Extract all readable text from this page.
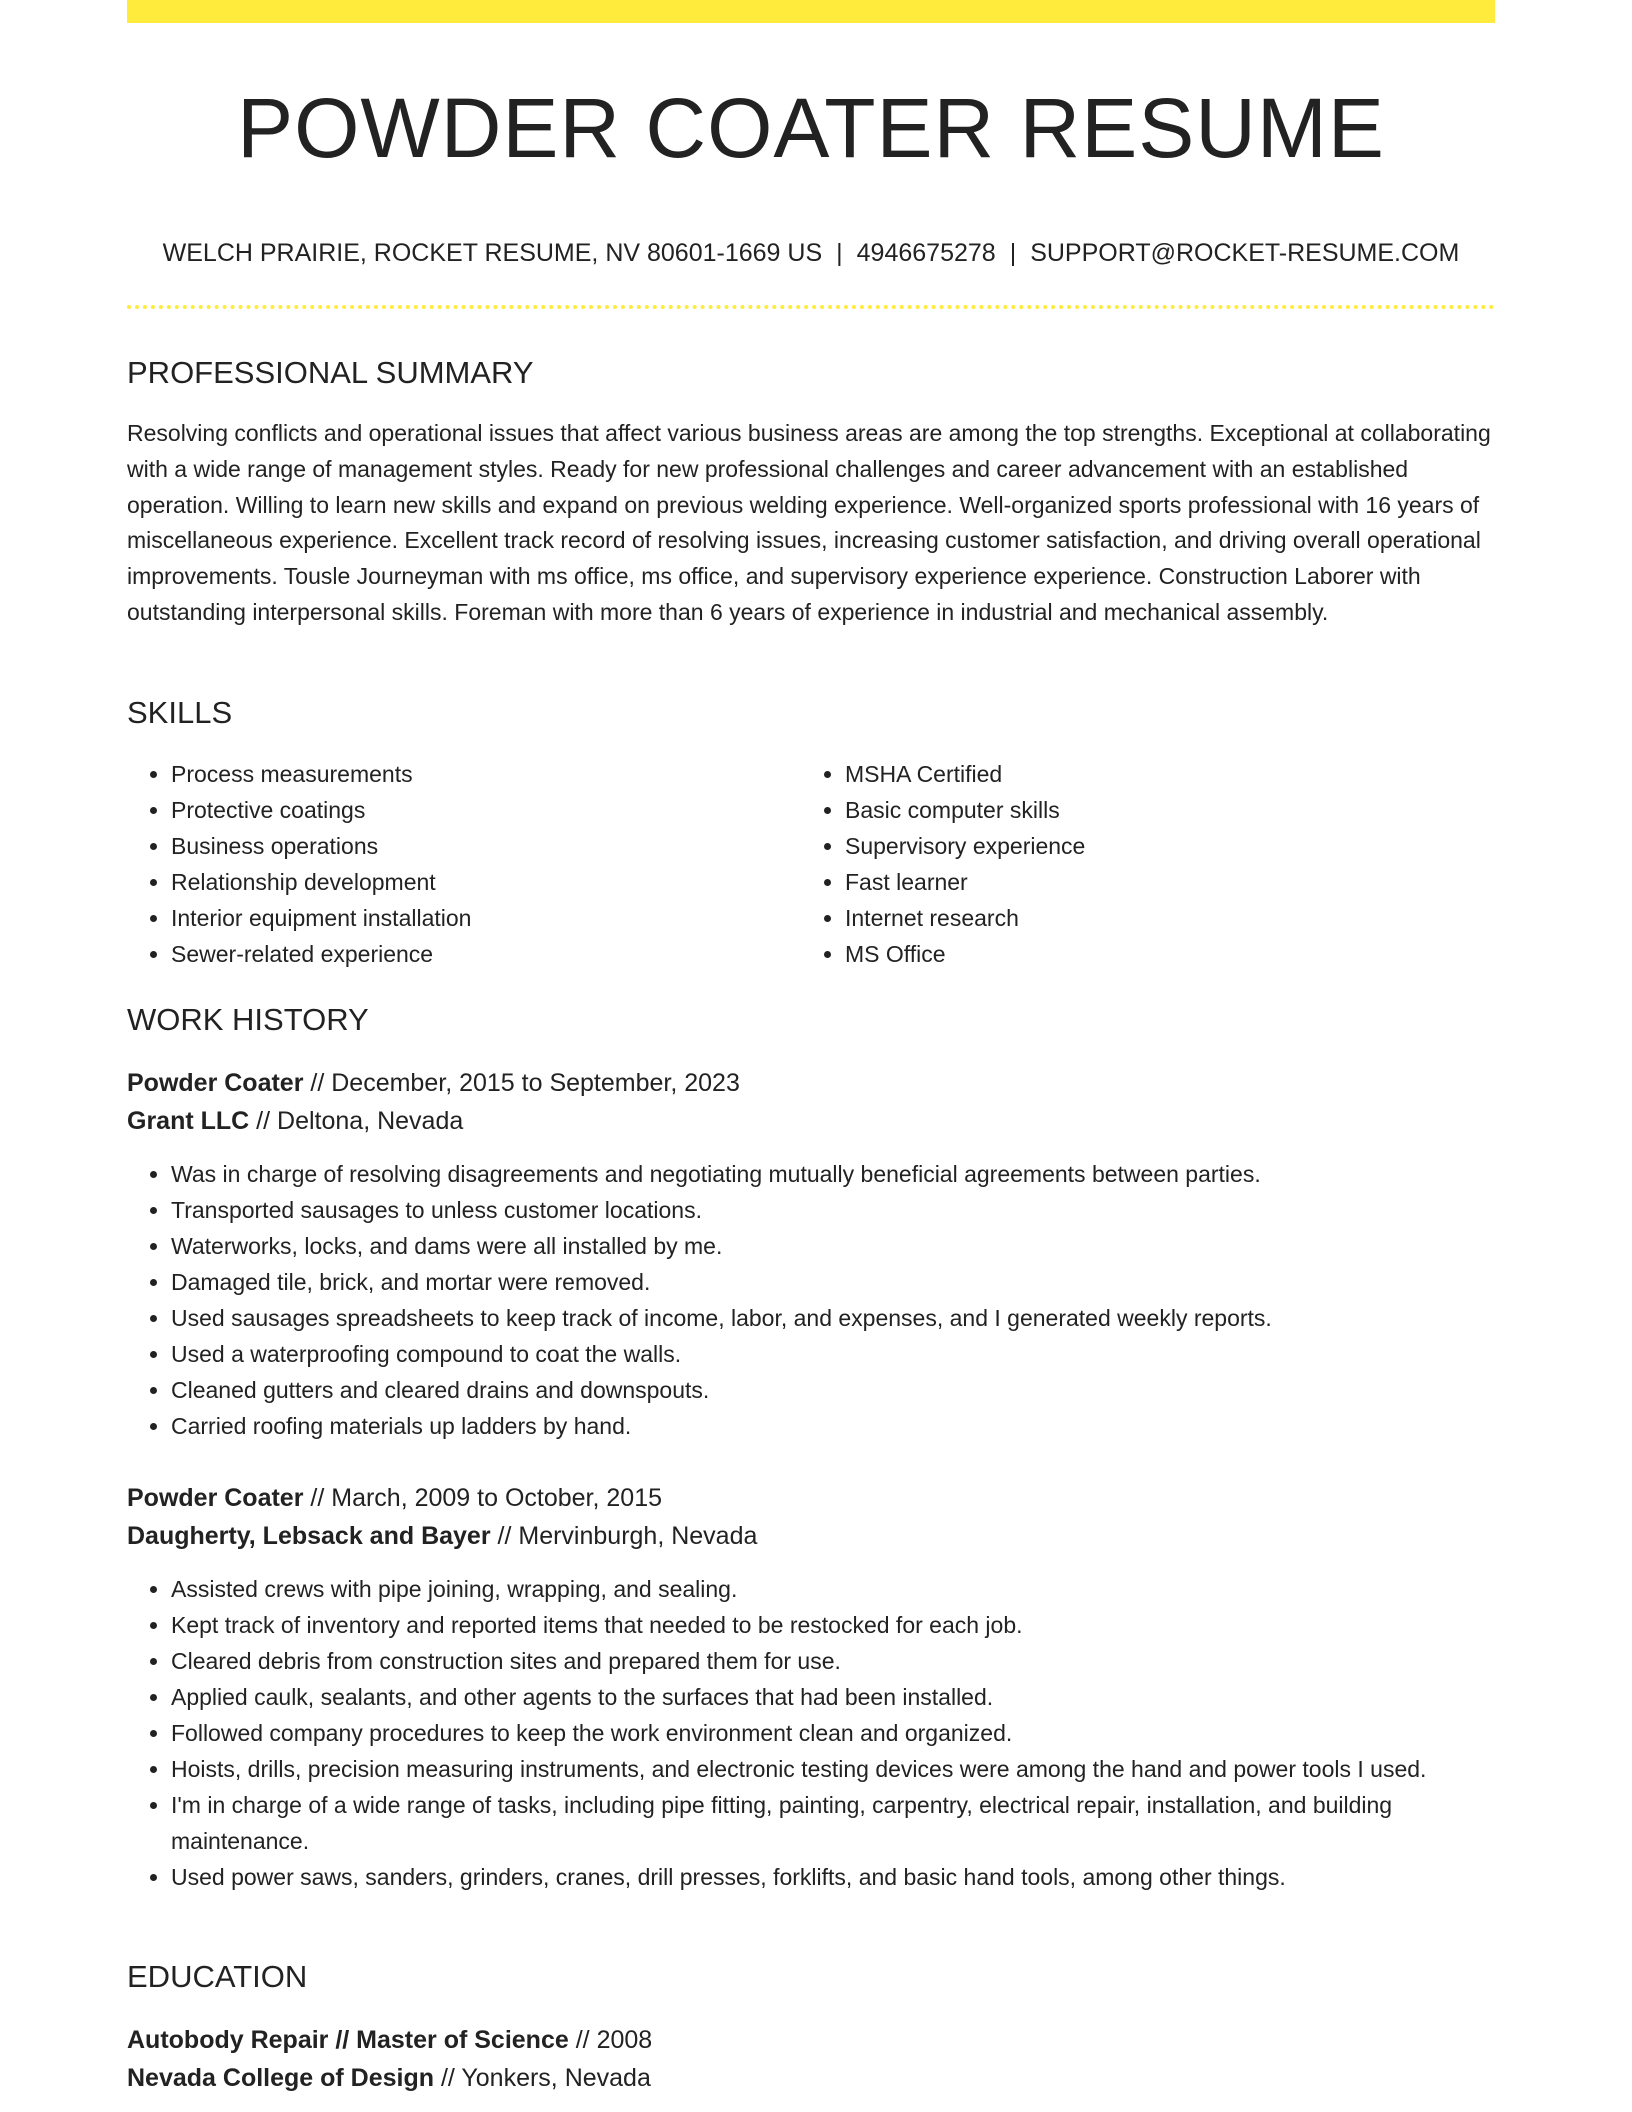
POWDER COATER RESUME
WELCH PRAIRIE, ROCKET RESUME, NV 80601-1669 US | 4946675278 | SUPPORT@ROCKET-RESUME.COM
PROFESSIONAL SUMMARY
Resolving conflicts and operational issues that affect various business areas are among the top strengths. Exceptional at collaborating with a wide range of management styles. Ready for new professional challenges and career advancement with an established operation. Willing to learn new skills and expand on previous welding experience. Well-organized sports professional with 16 years of miscellaneous experience. Excellent track record of resolving issues, increasing customer satisfaction, and driving overall operational improvements. Tousle Journeyman with ms office, ms office, and supervisory experience experience. Construction Laborer with outstanding interpersonal skills. Foreman with more than 6 years of experience in industrial and mechanical assembly.
SKILLS
• Process measurements
• Protective coatings
• Business operations
• Relationship development
• Interior equipment installation
• Sewer-related experience
• MSHA Certified
• Basic computer skills
• Supervisory experience
• Fast learner
• Internet research
• MS Office
WORK HISTORY
Powder Coater // December, 2015 to September, 2023
Grant LLC // Deltona, Nevada
• Was in charge of resolving disagreements and negotiating mutually beneficial agreements between parties.
• Transported sausages to unless customer locations.
• Waterworks, locks, and dams were all installed by me.
• Damaged tile, brick, and mortar were removed.
• Used sausages spreadsheets to keep track of income, labor, and expenses, and I generated weekly reports.
• Used a waterproofing compound to coat the walls.
• Cleaned gutters and cleared drains and downspouts.
• Carried roofing materials up ladders by hand.
Powder Coater // March, 2009 to October, 2015
Daugherty, Lebsack and Bayer // Mervinburgh, Nevada
• Assisted crews with pipe joining, wrapping, and sealing.
• Kept track of inventory and reported items that needed to be restocked for each job.
• Cleared debris from construction sites and prepared them for use.
• Applied caulk, sealants, and other agents to the surfaces that had been installed.
• Followed company procedures to keep the work environment clean and organized.
• Hoists, drills, precision measuring instruments, and electronic testing devices were among the hand and power tools I used.
• I'm in charge of a wide range of tasks, including pipe fitting, painting, carpentry, electrical repair, installation, and building maintenance.
• Used power saws, sanders, grinders, cranes, drill presses, forklifts, and basic hand tools, among other things.
EDUCATION
Autobody Repair // Master of Science // 2008
Nevada College of Design // Yonkers, Nevada
